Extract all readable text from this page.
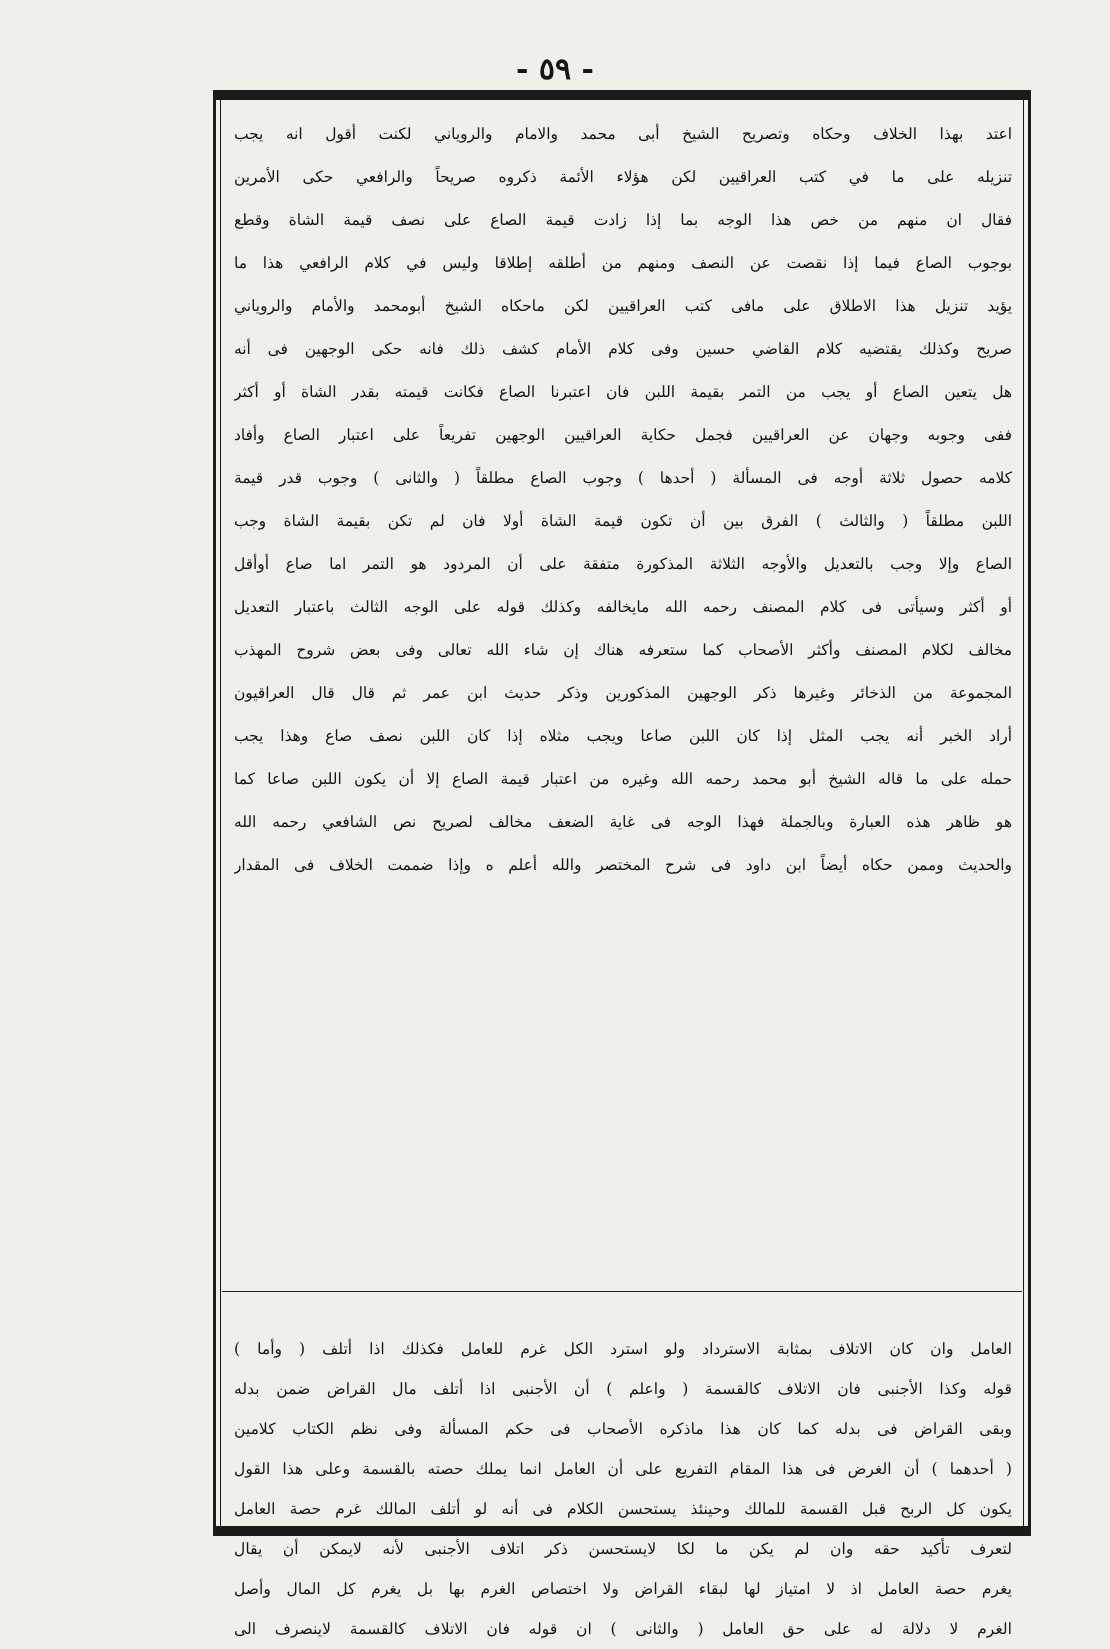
- ٥٩ -
اعتد بهذا الخلاف وحكاه وتصريح الشيخ أبى محمد والامام والروياني لكنت أقول انه يجب
تنزيله على ما في كتب العراقيين لكن هؤلاء الأئمة ذكروه صريحاً والرافعي حكى الأمرين
فقال ان منهم من خص هذا الوجه بما إذا زادت قيمة الصاع على نصف قيمة الشاة وقطع
بوجوب الصاع فيما إذا نقصت عن النصف ومنهم من أطلقه إطلاقا وليس في كلام الرافعي هذا ما
يؤيد تنزيل هذا الاطلاق على مافى كتب العراقيين لكن ماحكاه الشيخ أبومحمد والأمام والروياني
صريح وكذلك يقتضيه كلام القاضي حسين وفى كلام الأمام كشف ذلك فانه حكى الوجهين فى أنه
هل يتعين الصاع أو يجب من التمر بقيمة اللبن فان اعتبرنا الصاع فكانت قيمته بقدر الشاة أو أكثر
ففى وجوبه وجهان عن العراقيين فجمل حكاية العراقيين الوجهين تفريعاً على اعتبار الصاع وأفاد
كلامه حصول ثلاثة أوجه فى المسألة ( أحدها ) وجوب الصاع مطلقاً ( والثانى ) وجوب قدر قيمة
اللبن مطلقاً ( والثالث ) الفرق بين أن تكون قيمة الشاة أولا فان لم تكن بقيمة الشاة وجب
الصاع وإلا وجب بالتعديل والأوجه الثلاثة المذكورة متفقة على أن المردود هو التمر اما صاع أوأقل
أو أكثر وسيأتى فى كلام المصنف رحمه الله مايخالفه وكذلك قوله على الوجه الثالث باعتبار التعديل
مخالف لكلام المصنف وأكثر الأصحاب كما ستعرفه هناك إن شاء الله تعالى وفى بعض شروح المهذب
المجموعة من الذخائر وغيرها ذكر الوجهين المذكورين وذكر حديث ابن عمر ثم قال قال العراقيون
أراد الخبر أنه يجب المثل إذا كان اللبن صاعا ويجب مثلاه إذا كان اللبن نصف صاع وهذا يجب
حمله على ما قاله الشيخ أبو محمد رحمه الله وغيره من اعتبار قيمة الصاع إلا أن يكون اللبن صاعا كما
هو ظاهر هذه العبارة وبالجملة فهذا الوجه فى غاية الضعف مخالف لصريح نص الشافعي رحمه الله
والحديث وممن حكاه أيضاً ابن داود فى شرح المختصر والله أعلم ه وإذا ضممت الخلاف فى المقدار
العامل وان كان الاتلاف بمثابة الاسترداد ولو استرد الكل غرم للعامل فكذلك اذا أتلف ( وأما )
قوله وكذا الأجنبى فان الاتلاف كالقسمة ( واعلم ) أن الأجنبى اذا أتلف مال القراض ضمن بدله
وبقى القراض فى بدله كما كان هذا ماذكره الأصحاب فى حكم المسألة وفى نظم الكتاب كلامين
( أحدهما ) أن الغرض فى هذا المقام التفريع على أن العامل انما يملك حصته بالقسمة وعلى هذا القول
يكون كل الربح قبل القسمة للمالك وحينئذ يستحسن الكلام فى أنه لو أتلف المالك غرم حصة العامل
لتعرف تأكيد حقه وان لم يكن ما لكا لايستحسن ذكر اتلاف الأجنبى لأنه لايمكن أن يقال
يغرم حصة العامل اذ لا امتياز لها لبقاء القراض ولا اختصاص الغرم بها بل يغرم كل المال وأصل
الغرم لا دلالة له على حق العامل ( والثانى ) ان قوله فان الاتلاف كالقسمة لاينصرف الى
